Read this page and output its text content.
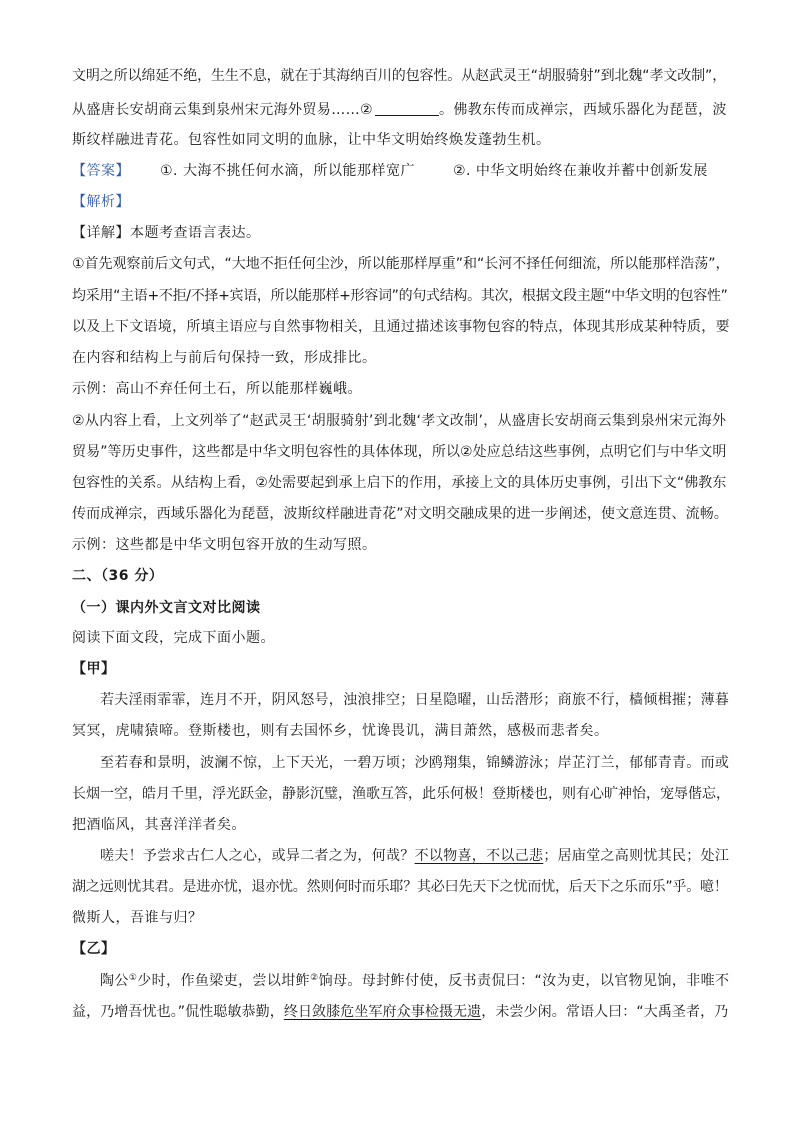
文明之所以绵延不绝，生生不息，就在于其海纳百川的包容性。从赵武灵王“胡服骑射”到北魏“孝文改制”，
从盛唐长安胡商云集到泉州宋元海外贸易……②	。佛教东传而成禅宗，西域乐器化为琵琶，波
斯纹样融进青花。包容性如同文明的血脉，让中华文明始终焕发蓬勃生机。
【答案】 ①. 大海不挑任何水滴，所以能那样宽广	②. 中华文明始终在兼收并蓄中创新发展
【解析】
【详解】本题考查语言表达。
①首先观察前后文句式，“大地不拒任何尘沙，所以能那样厚重”和“长河不择任何细流，所以能那样浩荡”，
均采用“主语+不拒/不择+宾语，所以能那样+形容词”的句式结构。其次，根据文段主题“中华文明的包容性”
以及上下文语境，所填主语应与自然事物相关，且通过描述该事物包容的特点，体现其形成某种特质，要
在内容和结构上与前后句保持一致，形成排比。
示例：高山不弃任何土石，所以能那样巍峨。
②从内容上看，上文列举了“赵武灵王‘胡服骑射’到北魏‘孝文改制’，从盛唐长安胡商云集到泉州宋元海外
贸易”等历史事件，这些都是中华文明包容性的具体体现，所以②处应总结这些事例，点明它们与中华文明
包容性的关系。从结构上看，②处需要起到承上启下的作用，承接上文的具体历史事例，引出下文“佛教东
传而成禅宗，西域乐器化为琵琶，波斯纹样融进青花”对文明交融成果的进一步阐述，使文意连贯、流畅。
示例：这些都是中华文明包容开放的生动写照。
二、（36 分）
（一）课内外文言文对比阅读
阅读下面文段，完成下面小题。
【甲】
若夫淫雨霏霏，连月不开，阴风怒号，浊浪排空；日星隐曜，山岳潜形；商旅不行，樯倾楫摧；薄暮
冥冥，虎啸猿啼。登斯楼也，则有去国怀乡，忧谗畏讥，满目萧然，感极而悲者矣。
至若春和景明，波澜不惊，上下天光，一碧万顷；沙鸥翔集，锦鳞游泳；岸芷汀兰，郁郁青青。而或
长烟一空，皓月千里，浮光跃金，静影沉璧，渔歌互答，此乐何极！登斯楼也，则有心旷神怡，宠辱偕忘，
把酒临风，其喜洋洋者矣。
嗟夫！予尝求古仁人之心，或异二者之为，何哉？不以物喜，不以己悲；居庙堂之高则忧其民；处江
湖之远则忧其君。是进亦忧，退亦忧。然则何时而乐耶？其必曰先天下之忧而忧，后天下之乐而乐”乎。噫！
微斯人，吾谁与归？
【乙】
陶公①少时，作鱼梁吏，尝以坩鲊②饷母。母封鲊付使，反书责侃曰：“汝为吏，以官物见饷，非唯不
益，乃增吾忧也。”侃性聪敏恭勤，终日敛膝危坐军府众事检摄无遗，未尝少闲。常语人曰：“大禹圣者，乃
